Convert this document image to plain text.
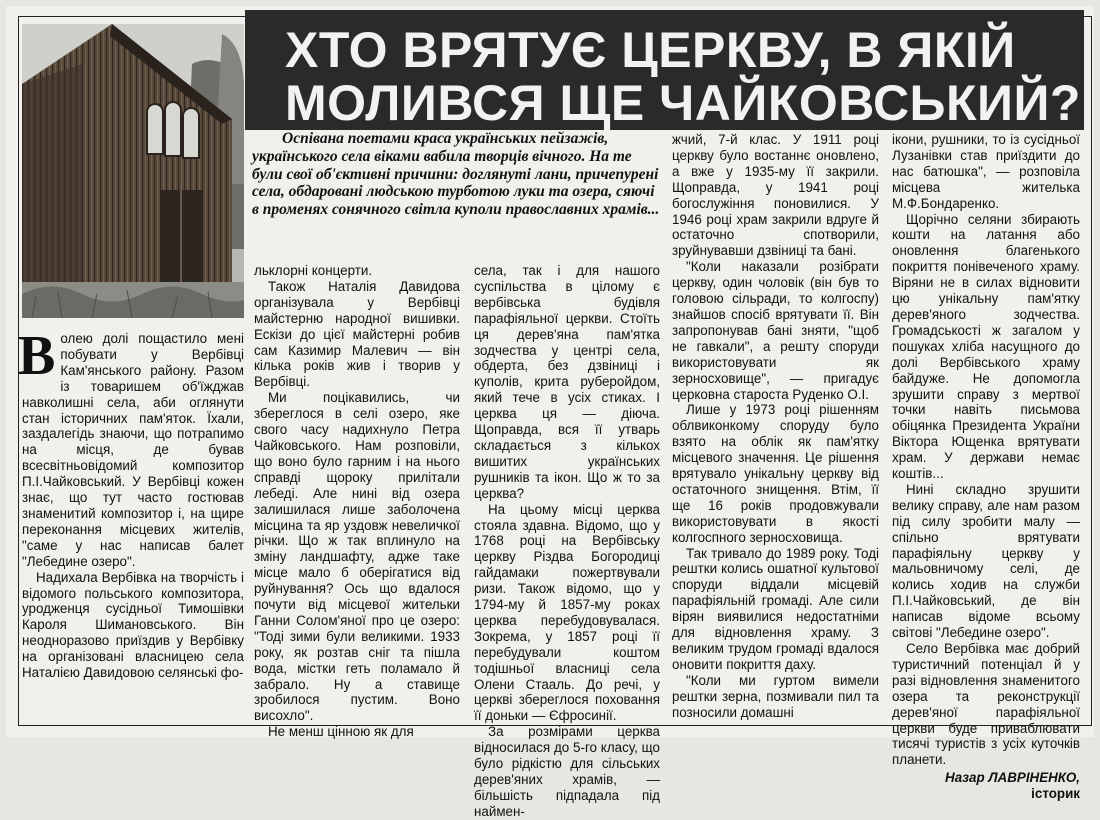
ХТО ВРЯТУЄ ЦЕРКВУ, В ЯКІЙ
МОЛИВСЯ ЩЕ ЧАЙКОВСЬКИЙ?
Оспівана поетами краса українських пейзажів, українського села віками вабила творців вічного. На те були свої об'єктивні причини: доглянуті лани, причепурені села, обдаровані людською турботою луки та озера, сяючі в променях сонячного світла куполи православних храмів...

Волею долі пощастило мені побувати у Вербівці Кам'янського району. Разом із товаришем об'їжджав навколишні села, аби оглянути стан історичних пам'яток. Їхали, заздалегідь знаючи, що потрапимо на місця, де бував всесвітньовідомий композитор П.І.Чайковський. У Вербівці кожен знає, що тут часто гостював знаменитий композитор і, на щире переконання місцевих жителів, "саме у нас написав балет "Лебедине озеро".

Надихала Вербівка на творчість і відомого польського композитора, уродженця сусідньої Тимошівки Кароля Шимановського. Він неодноразово приїздив у Вербівку на організовані власницею села Наталією Давидовою селянські фо-

льклорні концерти.

Також Наталія Давидова організувала у Вербівці майстерню народної вишивки. Ескізи до цієї майстерні робив сам Казимир Малевич — він кілька років жив і творив у Вербівці.

Ми поцікавились, чи збереглося в селі озеро, яке свого часу надихнуло Петра Чайковського. Нам розповіли, що воно було гарним і на нього справді щороку прилітали лебеді. Але нині від озера залишилася лише заболочена місцина та яр уздовж невеличкої річки. Що ж так вплинуло на зміну ландшафту, адже таке місце мало б оберігатися від руйнування? Ось що вдалося почути від місцевої жительки Ганни Солом'яної про це озеро: "Тоді зими були великими. 1933 року, як розтав сніг та пішла вода, містки геть поламало й забрало. Ну а ставище зробилося пустим. Воно висохло".

Не менш цінною як для

села, так і для нашого суспільства в цілому є вербівська будівля парафіяльної церкви. Стоїть ця дерев'яна пам'ятка зодчества у центрі села, обдерта, без дзвіниці і куполів, крита руберойдом, який тече в усіх стиках. І церква ця — діюча. Щоправда, вся її утварь складається з кількох вишитих українських рушників та ікон. Що ж то за церква?

На цьому місці церква стояла здавна. Відомо, що у 1768 році на Вербівську церкву Різдва Богородиці гайдамаки пожертвували ризи. Також відомо, що у 1794-му й 1857-му роках церква перебудовувалася. Зокрема, у 1857 році її перебудували коштом тодішньої власниці села Олени Стааль. До речі, у церкві збереглося поховання її доньки — Єфросинії.

За розмірами церква відносилася до 5-го класу, що було рідкістю для сільських дерев'яних храмів, — більшість підпадала під наймен-

жчий, 7-й клас. У 1911 році церкву було востаннє оновлено, а вже у 1935-му її закрили. Щоправда, у 1941 році богослужіння поновилися. У 1946 році храм закрили вдруге й остаточно спотворили, зруйнувавши дзвіниці та бані.

"Коли наказали розібрати церкву, один чоловік (він був то головою сільради, то колгоспу) знайшов спосіб врятувати її. Він запропонував бані зняти, "щоб не гавкали", а решту споруди використовувати як зерносховище", — пригадує церковна староста Руденко О.І.

Лише у 1973 році рішенням облвиконкому споруду було взято на облік як пам'ятку місцевого значення. Це рішення врятувало унікальну церкву від остаточного знищення. Втім, її ще 16 років продовжували використовувати в якості колгоспного зерносховища.

Так тривало до 1989 року. Тоді рештки колись ошатної культової споруди віддали місцевій парафіяльній громаді. Але сили вірян виявилися недостатніми для відновлення храму. З великим трудом громаді вдалося оновити покриття даху.

"Коли ми гуртом вимели рештки зерна, позмивали пил та позносили домашні

ікони, рушники, то із сусідньої Лузанівки став приїздити до нас батюшка", — розповіла місцева жителька М.Ф.Бондаренко.

Щорічно селяни збирають кошти на латання або оновлення благенького покриття понівеченого храму. Віряни не в силах відновити цю унікальну пам'ятку дерев'яного зодчества. Громадськості ж загалом у пошуках хліба насущного до долі Вербівського храму байдуже. Не допомогла зрушити справу з мертвої точки навіть письмова обіцянка Президента України Віктора Ющенка врятувати храм. У держави немає коштів...

Нині складно зрушити велику справу, але нам разом під силу зробити малу — спільно врятувати парафіяльну церкву у мальовничому селі, де колись ходив на служби П.І.Чайковський, де він написав відоме всьому світові "Лебедине озеро".

Село Вербівка має добрий туристичний потенціал й у разі відновлення знаменитого озера та реконструкції дерев'яної парафіяльної церкви буде приваблювати тисячі туристів з усіх куточків планети.

Назар ЛАВРІНЕНКО,
історик
